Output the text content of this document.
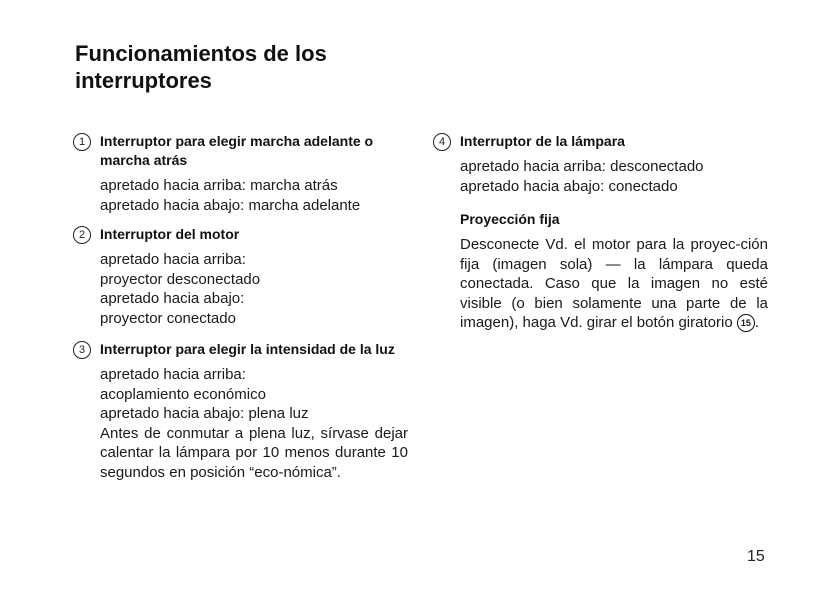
Funcionamientos de los interruptores
1	Interruptor para elegir marcha adelante o marcha atrás
apretado hacia arriba: marcha atrás
apretado hacia abajo: marcha adelante
2	Interruptor del motor
apretado hacia arriba:
proyector desconectado
apretado hacia abajo:
proyector conectado
3	Interruptor para elegir la intensidad de la luz
apretado hacia arriba:
acoplamiento económico
apretado hacia abajo: plena luz
Antes de conmutar a plena luz, sírvase dejar calentar la lámpara por 10 menos durante 10 segundos en posición “eco-nómica”.
4	Interruptor de la lámpara
apretado hacia arriba: desconectado
apretado hacia abajo: conectado
Proyección fija
Desconecte Vd. el motor para la proyec-ción fija (imagen sola) — la lámpara queda conectada. Caso que la imagen no esté visible (o bien solamente una parte de la imagen), haga Vd. girar el botón giratorio 15 .
15
